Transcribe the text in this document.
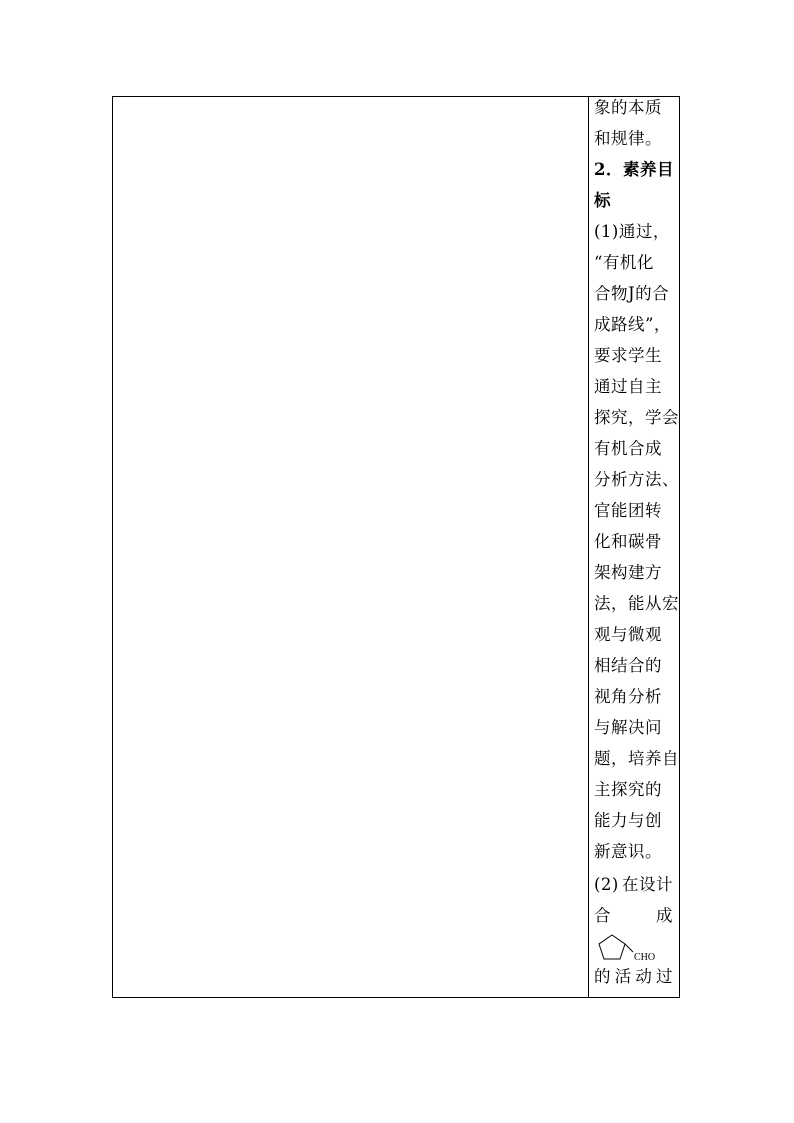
象的本质
和规律。
2．素养目
标
(1)通过，
“有机化
合物J的合
成路线”，
要求学生
通过自主
探究，学会
有机合成
分析方法、
官能团转
化和碳骨
架构建方
法，能从宏
观与微观
相结合的
视角分析
与解决问
题，培养自
主探究的
能力与创
新意识。
(2) 在设计
合	成
CHO
的 活 动 过
